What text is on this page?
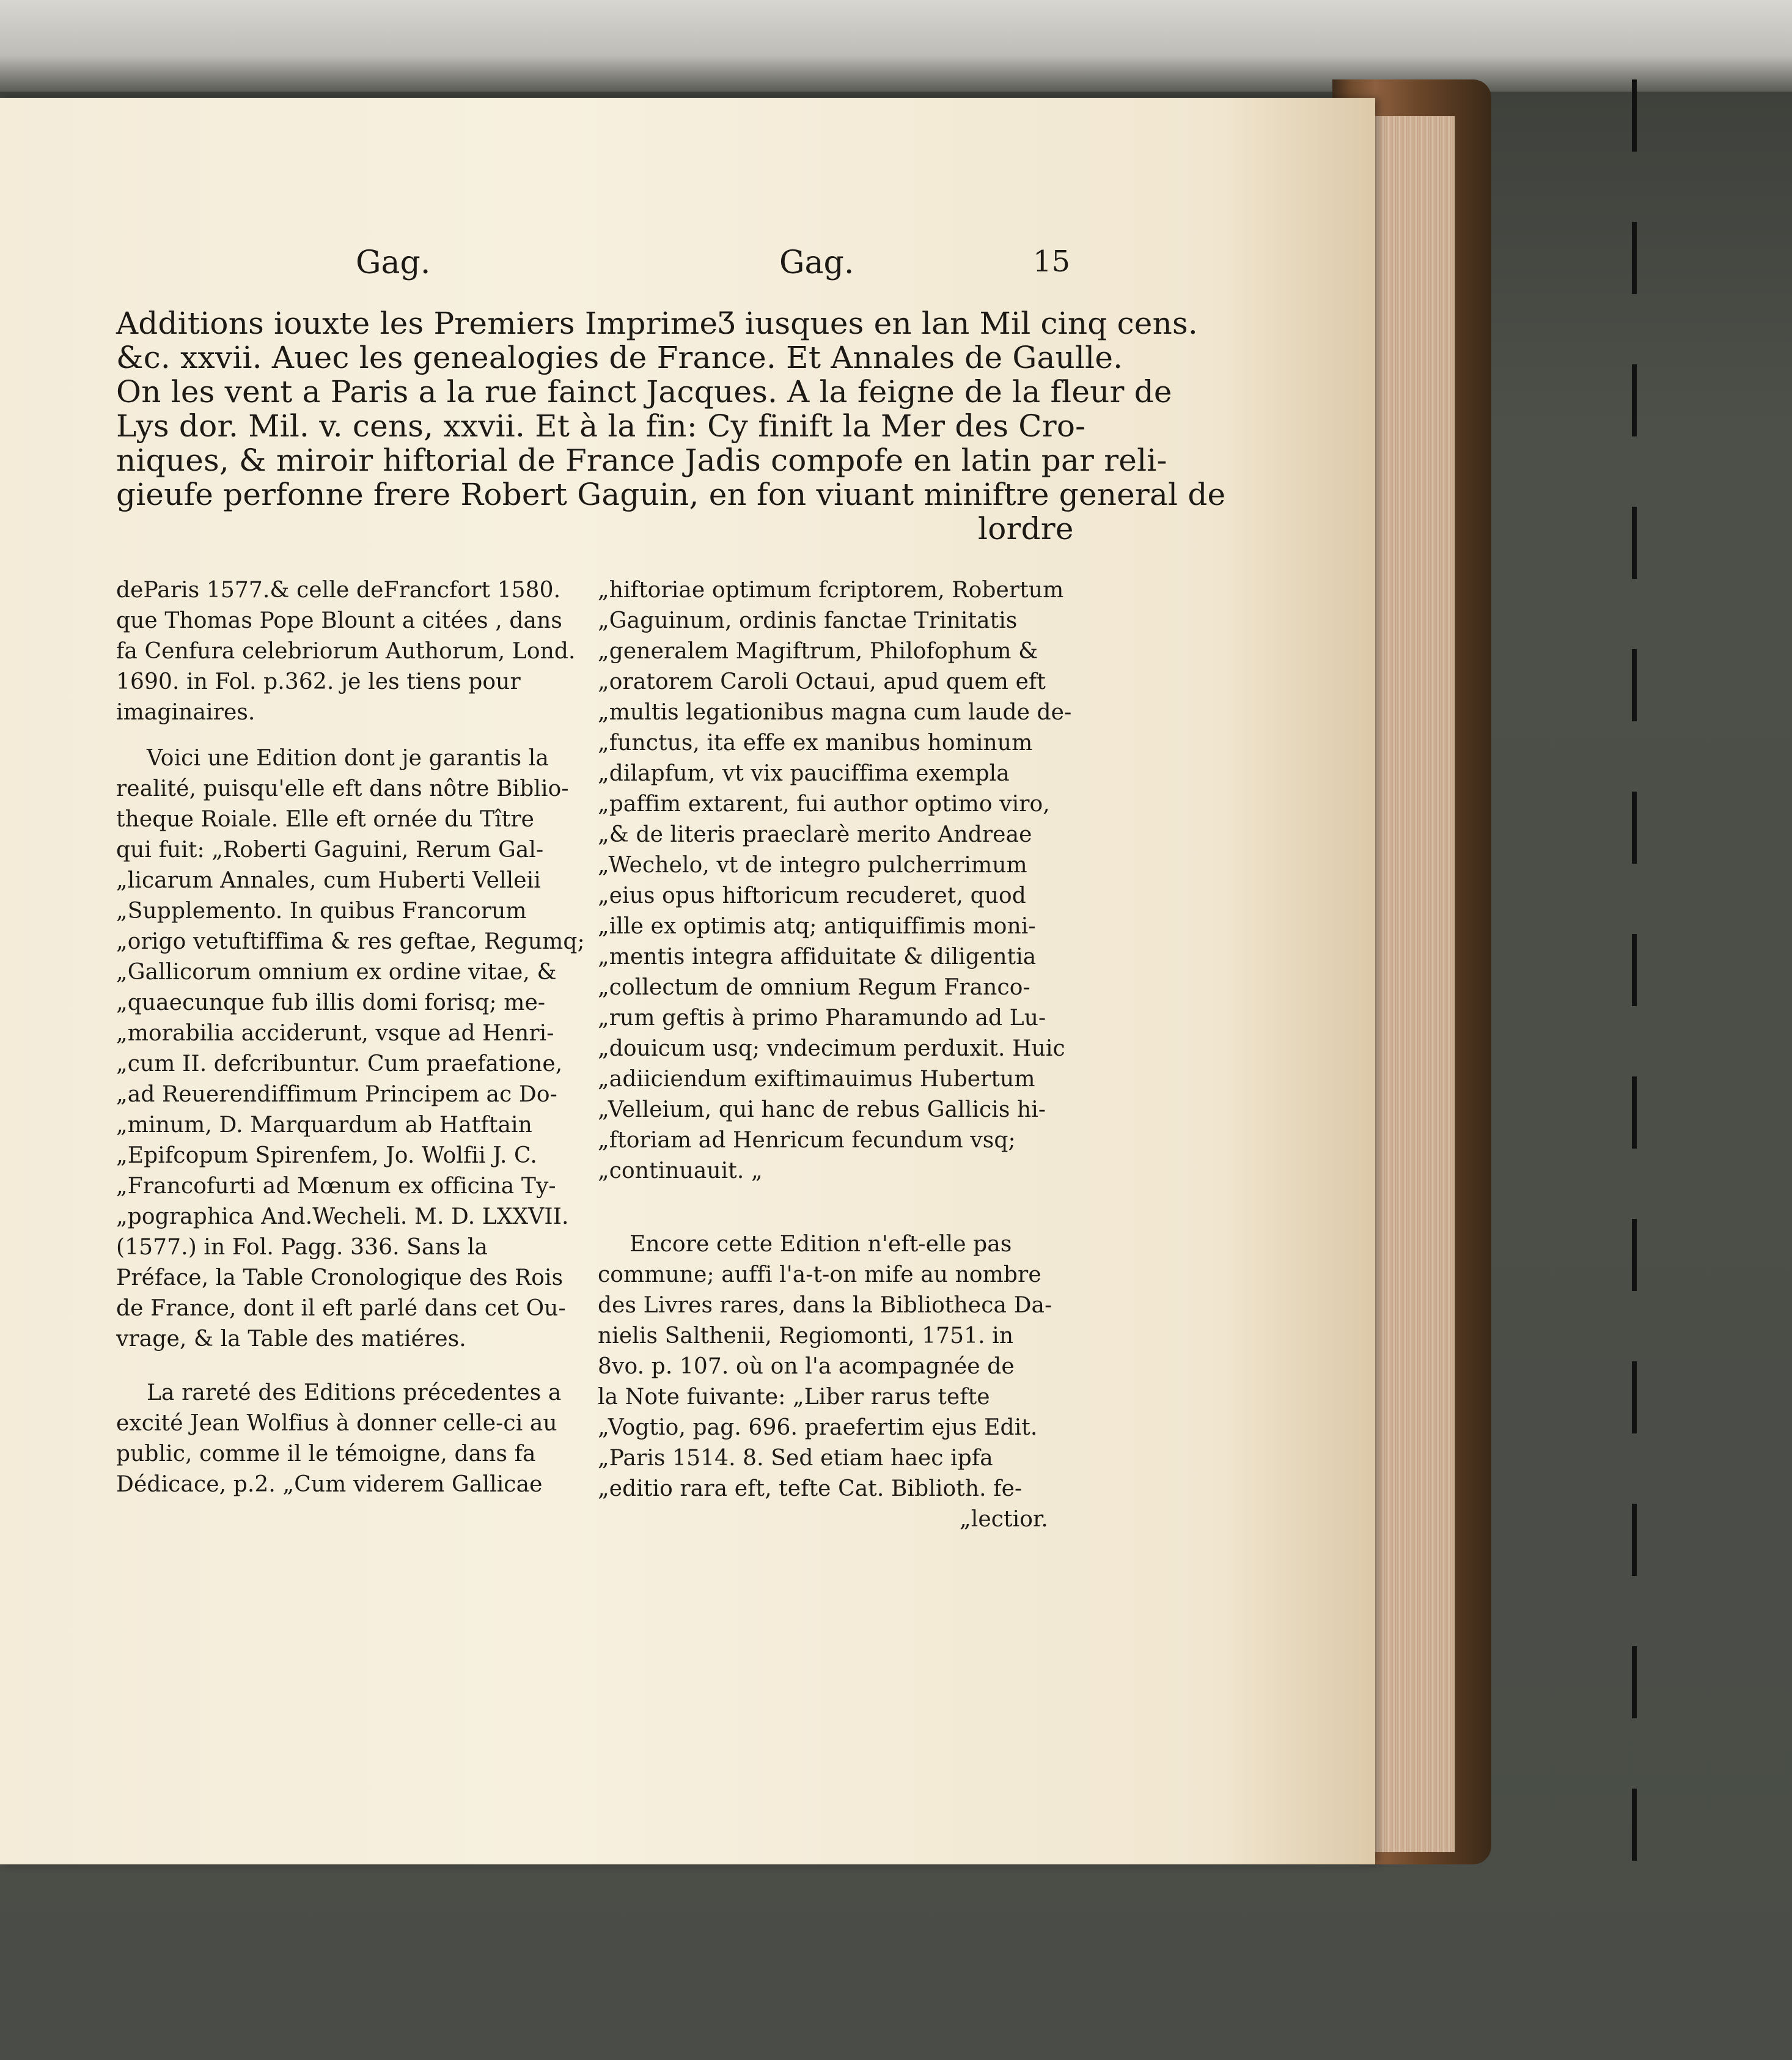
Gag.	Gag.	15
Additions iouxte les Premiers ImprimeƷ iusques en lan Mil cinq cens.
&c. xxvii. Auec les genealogies de France. Et Annales de Gaulle.
On les vent a Paris a la rue fainct Jacques. A la feigne de la fleur de
Lys dor. Mil. v. cens, xxvii. Et à la fin: Cy finift la Mer des Cro-
niques, & miroir hiftorial de France Jadis compofe en latin par reli-
gieufe perfonne frere Robert Gaguin, en fon viuant miniftre general de
lordre
deParis 1577.& celle deFrancfort 1580.
que Thomas Pope Blount a citées , dans
fa Cenfura celebriorum Authorum, Lond.
1690. in Fol. p.362. je les tiens pour
imaginaires.
Voici une Edition dont je garantis la
realité, puisqu'elle eft dans nôtre Biblio-
theque Roiale. Elle eft ornée du Tître
qui fuit: „Roberti Gaguini, Rerum Gal-
„licarum Annales, cum Huberti Velleii
„Supplemento. In quibus Francorum
„origo vetuftiffima & res geftae, Regumq;
„Gallicorum omnium ex ordine vitae, &
„quaecunque fub illis domi forisq; me-
„morabilia acciderunt, vsque ad Henri-
„cum II. defcribuntur. Cum praefatione,
„ad Reuerendiffimum Principem ac Do-
„minum, D. Marquardum ab Hatftain
„Epifcopum Spirenfem, Jo. Wolfii J. C.
„Francofurti ad Mœnum ex officina Ty-
„pographica And.Wecheli. M. D. LXXVII.
(1577.) in Fol. Pagg. 336. Sans la
Préface, la Table Cronologique des Rois
de France, dont il eft parlé dans cet Ou-
vrage, & la Table des matiéres.
La rareté des Editions précedentes a
excité Jean Wolfius à donner celle-ci au
public, comme il le témoigne, dans fa
Dédicace, p.2. „Cum viderem Gallicae
„hiftoriae optimum fcriptorem, Robertum
„Gaguinum, ordinis fanctae Trinitatis
„generalem Magiftrum, Philofophum &
„oratorem Caroli Octaui, apud quem eft
„multis legationibus magna cum laude de-
„functus, ita effe ex manibus hominum
„dilapfum, vt vix pauciffima exempla
„paffim extarent, fui author optimo viro,
„& de literis praeclarè merito Andreae
„Wechelo, vt de integro pulcherrimum
„eius opus hiftoricum recuderet, quod
„ille ex optimis atq; antiquiffimis moni-
„mentis integra affiduitate & diligentia
„collectum de omnium Regum Franco-
„rum geftis à primo Pharamundo ad Lu-
„douicum usq; vndecimum perduxit. Huic
„adiiciendum exiftimauimus Hubertum
„Velleium, qui hanc de rebus Gallicis hi-
„ftoriam ad Henricum fecundum vsq;
„continuauit. „
Encore cette Edition n'eft-elle pas
commune; auffi l'a-t-on mife au nombre
des Livres rares, dans la Bibliotheca Da-
nielis Salthenii, Regiomonti, 1751. in
8vo. p. 107. où on l'a acompagnée de
la Note fuivante: „Liber rarus tefte
„Vogtio, pag. 696. praefertim ejus Edit.
„Paris 1514. 8. Sed etiam haec ipfa
„editio rara eft, tefte Cat. Biblioth. fe-
„lectior.
